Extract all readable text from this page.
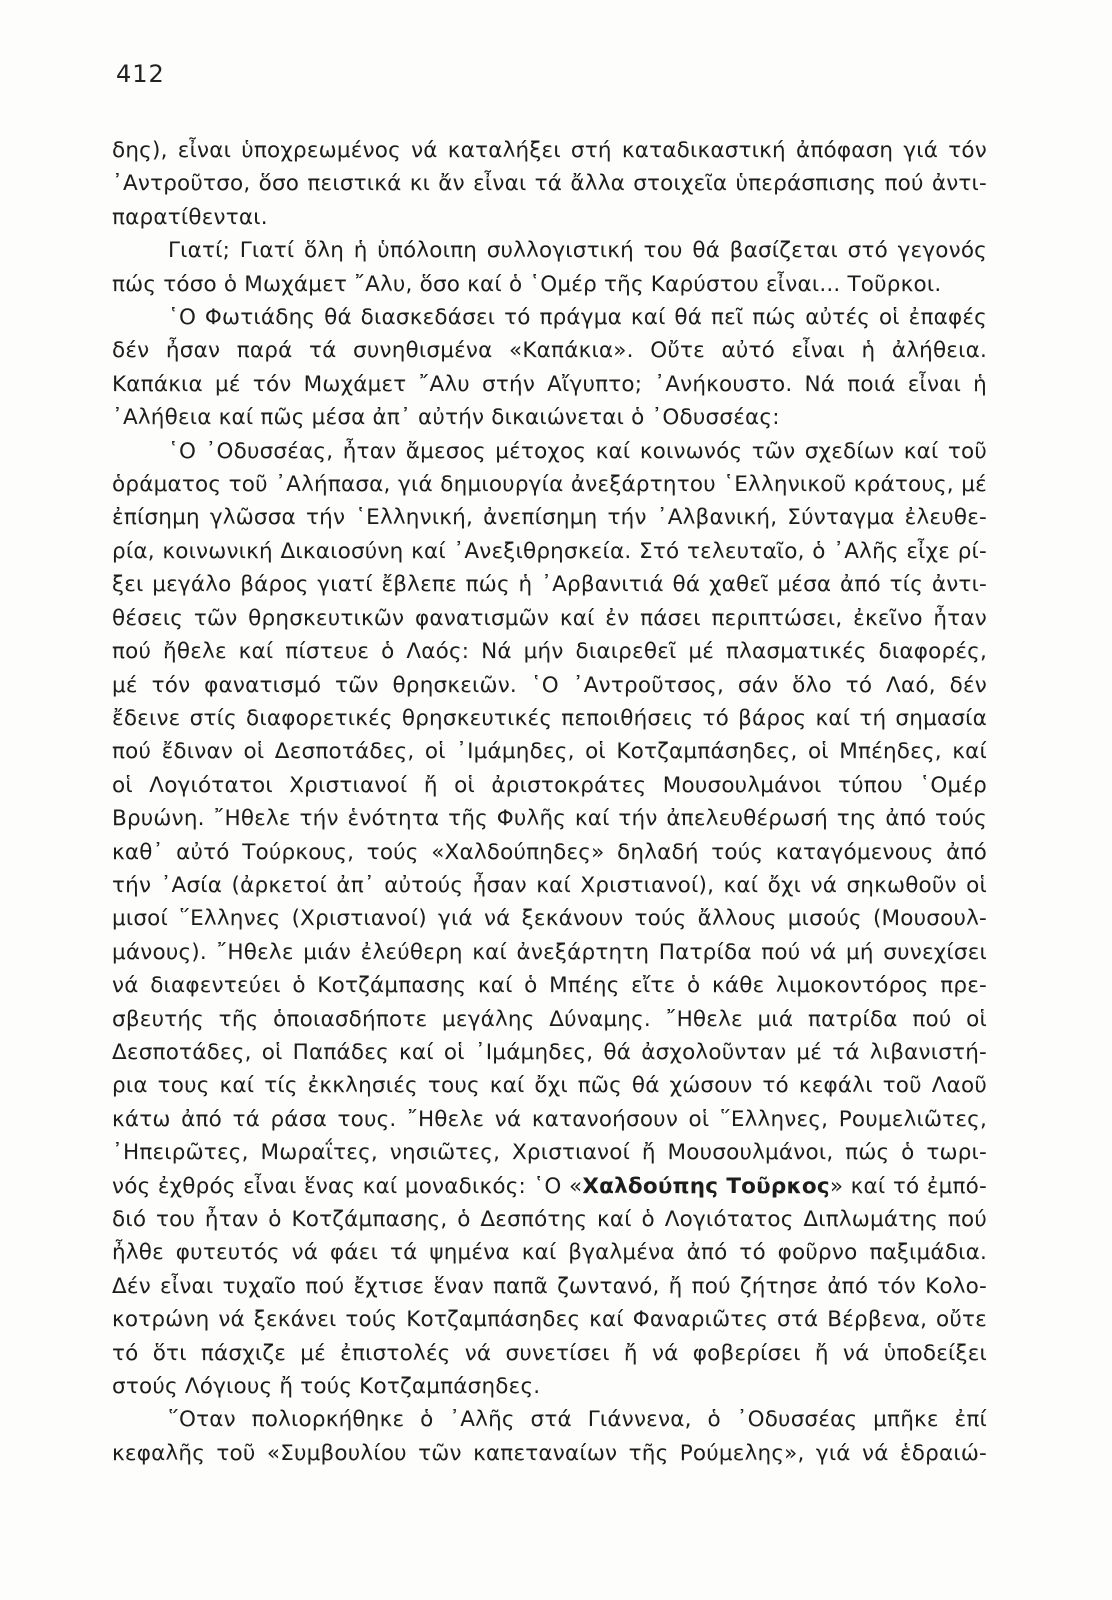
412
δης), εἶναι ὑποχρεωμένος νά καταλήξει στή καταδικαστική ἀπόφαση γιά τόν
᾿Αντροῦτσο, ὅσο πειστικά κι ἄν εἶναι τά ἄλλα στοιχεῖα ὑπεράσπισης πού ἀντι-
παρατίθενται.
Γιατί; Γιατί ὅλη ἡ ὑπόλοιπη συλλογιστική του θά βασίζεται στό γεγονός
πώς τόσο ὁ Μωχάμετ ῎Αλυ, ὅσο καί ὁ ῾Ομέρ τῆς Καρύστου εἶναι... Τοῦρκοι.
῾Ο Φωτιάδης θά διασκεδάσει τό πράγμα καί θά πεῖ πώς αὐτές οἱ ἐπαφές
δέν ἦσαν παρά τά συνηθισμένα «Καπάκια». Οὔτε αὐτό εἶναι ἡ ἀλήθεια.
Καπάκια μέ τόν Μωχάμετ ῎Αλυ στήν Αἴγυπτο; ᾿Ανήκουστο. Νά ποιά εἶναι ἡ
᾿Αλήθεια καί πῶς μέσα ἀπ᾿ αὐτήν δικαιώνεται ὁ ᾿Οδυσσέας:
῾Ο ᾿Οδυσσέας, ἦταν ἄμεσος μέτοχος καί κοινωνός τῶν σχεδίων καί τοῦ
ὁράματος τοῦ ᾿Αλήπασα, γιά δημιουργία ἀνεξάρτητου ῾Ελληνικοῦ κράτους, μέ
ἐπίσημη γλῶσσα τήν ῾Ελληνική, ἀνεπίσημη τήν ᾿Αλβανική, Σύνταγμα ἐλευθε-
ρία, κοινωνική Δικαιοσύνη καί ᾿Ανεξιθρησκεία. Στό τελευταῖο, ὁ ᾿Αλῆς εἶχε ρί-
ξει μεγάλο βάρος γιατί ἔβλεπε πώς ἡ ᾿Αρβανιτιά θά χαθεῖ μέσα ἀπό τίς ἀντι-
θέσεις τῶν θρησκευτικῶν φανατισμῶν καί ἐν πάσει περιπτώσει, ἐκεῖνο ἦταν
πού ἤθελε καί πίστευε ὁ Λαός: Νά μήν διαιρεθεῖ μέ πλασματικές διαφορές,
μέ τόν φανατισμό τῶν θρησκειῶν. ῾Ο ᾿Αντροῦτσος, σάν ὅλο τό Λαό, δέν
ἔδεινε στίς διαφορετικές θρησκευτικές πεποιθήσεις τό βάρος καί τή σημασία
πού ἔδιναν οἱ Δεσποτάδες, οἱ ᾿Ιμάμηδες, οἱ Κοτζαμπάσηδες, οἱ Μπέηδες, καί
οἱ Λογιότατοι Χριστιανοί ἤ οἱ ἀριστοκράτες Μουσουλμάνοι τύπου ῾Ομέρ
Βρυώνη. ῎Ηθελε τήν ἑνότητα τῆς Φυλῆς καί τήν ἀπελευθέρωσή της ἀπό τούς
καθ᾿ αὐτό Τούρκους, τούς «Χαλδούπηδες» δηλαδή τούς καταγόμενους ἀπό
τήν ᾿Ασία (ἀρκετοί ἀπ᾿ αὐτούς ἦσαν καί Χριστιανοί), καί ὄχι νά σηκωθοῦν οἱ
μισοί ῞Ελληνες (Χριστιανοί) γιά νά ξεκάνουν τούς ἄλλους μισούς (Μουσουλ-
μάνους). ῎Ηθελε μιάν ἐλεύθερη καί ἀνεξάρτητη Πατρίδα πού νά μή συνεχίσει
νά διαφεντεύει ὁ Κοτζάμπασης καί ὁ Μπέης εἴτε ὁ κάθε λιμοκοντόρος πρε-
σβευτής τῆς ὁποιασδήποτε μεγάλης Δύναμης. ῎Ηθελε μιά πατρίδα πού οἱ
Δεσποτάδες, οἱ Παπάδες καί οἱ ᾿Ιμάμηδες, θά ἀσχολοῦνταν μέ τά λιβανιστή-
ρια τους καί τίς ἐκκλησιές τους καί ὄχι πῶς θά χώσουν τό κεφάλι τοῦ Λαοῦ
κάτω ἀπό τά ράσα τους. ῎Ηθελε νά κατανοήσουν οἱ ῞Ελληνες, Ρουμελιῶτες,
᾿Ηπειρῶτες, Μωραΐτες, νησιῶτες, Χριστιανοί ἤ Μουσουλμάνοι, πώς ὁ τωρι-
νός ἐχθρός εἶναι ἕνας καί μοναδικός: ῾Ο «Χαλδούπης Τοῦρκος» καί τό ἐμπό-
διό του ἦταν ὁ Κοτζάμπασης, ὁ Δεσπότης καί ὁ Λογιότατος Διπλωμάτης πού
ἦλθε φυτευτός νά φάει τά ψημένα καί βγαλμένα ἀπό τό φοῦρνο παξιμάδια.
Δέν εἶναι τυχαῖο πού ἔχτισε ἕναν παπᾶ ζωντανό, ἤ πού ζήτησε ἀπό τόν Κολο-
κοτρώνη νά ξεκάνει τούς Κοτζαμπάσηδες καί Φαναριῶτες στά Βέρβενα, οὔτε
τό ὅτι πάσχιζε μέ ἐπιστολές νά συνετίσει ἤ νά φοβερίσει ἤ νά ὑποδείξει
στούς Λόγιους ἤ τούς Κοτζαμπάσηδες.
῞Οταν πολιορκήθηκε ὁ ᾿Αλῆς στά Γιάννενα, ὁ ᾿Οδυσσέας μπῆκε ἐπί
κεφαλῆς τοῦ «Συμβουλίου τῶν καπεταναίων τῆς Ρούμελης», γιά νά ἑδραιώ-
